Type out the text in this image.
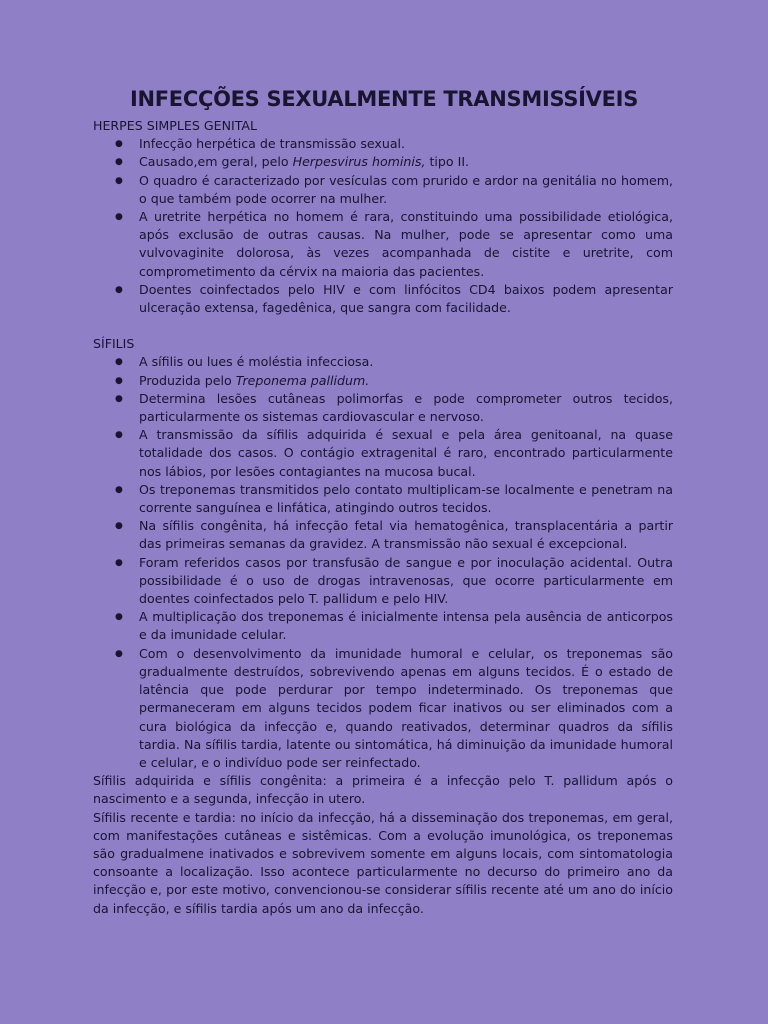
INFECÇÕES SEXUALMENTE TRANSMISSÍVEIS
HERPES SIMPLES GENITAL
● Infecção herpética de transmissão sexual.
● Causado,em geral, pelo Herpesvirus hominis, tipo II.
● O quadro é caracterizado por vesículas com prurido e ardor na genitália no homem, o que também pode ocorrer na mulher.
● A uretrite herpética no homem é rara, constituindo uma possibilidade etiológica, após exclusão de outras causas. Na mulher, pode se apresentar como uma vulvovaginite dolorosa, às vezes acompanhada de cistite e uretrite, com comprometimento da cérvix na maioria das pacientes.
● Doentes coinfectados pelo HIV e com linfócitos CD4 baixos podem apresentar ulceração extensa, fagedênica, que sangra com facilidade.
SÍFILIS
● A sífilis ou lues é moléstia infecciosa.
● Produzida pelo Treponema pallidum.
● Determina lesões cutâneas polimorfas e pode comprometer outros tecidos, particularmente os sistemas cardiovascular e nervoso.
● A transmissão da sífilis adquirida é sexual e pela área genitoanal, na quase totalidade dos casos. O contágio extragenital é raro, encontrado particularmente nos lábios, por lesões contagiantes na mucosa bucal.
● Os treponemas transmitidos pelo contato multiplicam-se localmente e penetram na corrente sanguínea e linfática, atingindo outros tecidos.
● Na sífilis congênita, há infecção fetal via hematogênica, transplacentária a partir das primeiras semanas da gravidez. A transmissão não sexual é excepcional.
● Foram referidos casos por transfusão de sangue e por inoculação acidental. Outra possibilidade é o uso de drogas intravenosas, que ocorre particularmente em doentes coinfectados pelo T. pallidum e pelo HIV.
● A multiplicação dos treponemas é inicialmente intensa pela ausência de anticorpos e da imunidade celular.
● Com o desenvolvimento da imunidade humoral e celular, os treponemas são gradualmente destruídos, sobrevivendo apenas em alguns tecidos. É o estado de latência que pode perdurar por tempo indeterminado. Os treponemas que permaneceram em alguns tecidos podem ficar inativos ou ser eliminados com a cura biológica da infecção e, quando reativados, determinar quadros da sífilis tardia. Na sífilis tardia, latente ou sintomática, há diminuição da imunidade humoral e celular, e o indivíduo pode ser reinfectado.

Sífilis adquirida e sífilis congênita: a primeira é a infecção pelo T. pallidum após o nascimento e a segunda, infecção in utero.

Sífilis recente e tardia: no início da infecção, há a disseminação dos treponemas, em geral, com manifestações cutâneas e sistêmicas. Com a evolução imunológica, os treponemas são gradualmene inativados e sobrevivem somente em alguns locais, com sintomatologia consoante a localização. Isso acontece particularmente no decurso do primeiro ano da infecção e, por este motivo, convencionou-se considerar sífilis recente até um ano do início da infecção, e sífilis tardia após um ano da infecção.
